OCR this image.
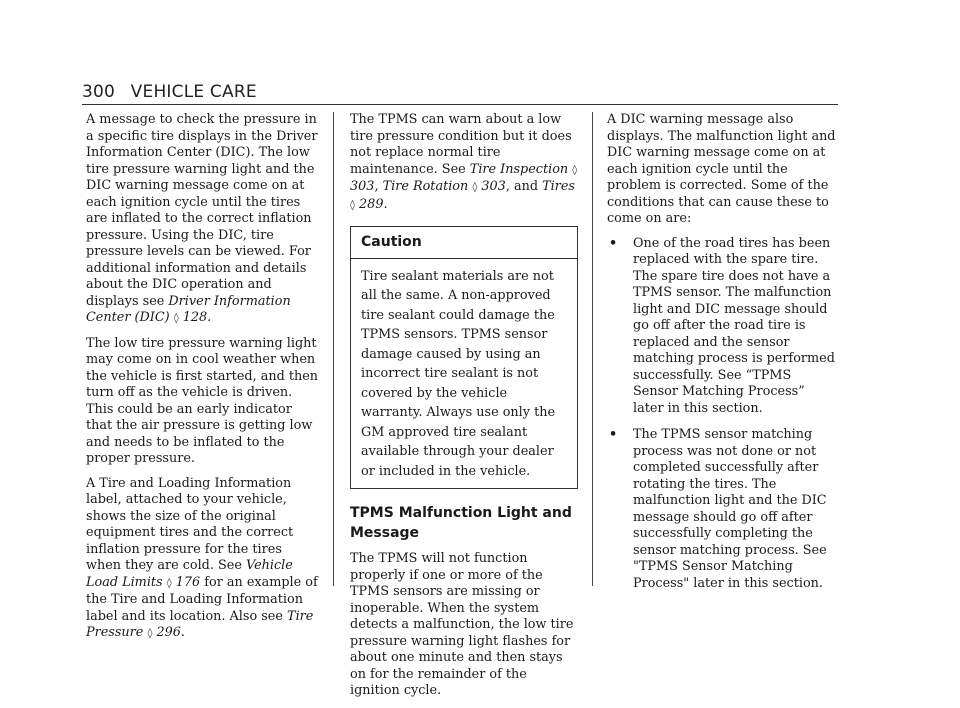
300 VEHICLE CARE

A message to check the pressure in a specific tire displays in the Driver Information Center (DIC). The low tire pressure warning light and the DIC warning message come on at each ignition cycle until the tires are inflated to the correct inflation pressure. Using the DIC, tire pressure levels can be viewed. For additional information and details about the DIC operation and displays see Driver Information Center (DIC) ◊ 128.

The low tire pressure warning light may come on in cool weather when the vehicle is first started, and then turn off as the vehicle is driven. This could be an early indicator that the air pressure is getting low and needs to be inflated to the proper pressure.

A Tire and Loading Information label, attached to your vehicle, shows the size of the original equipment tires and the correct inflation pressure for the tires when they are cold. See Vehicle Load Limits ◊ 176 for an example of the Tire and Loading Information label and its location. Also see Tire Pressure ◊ 296.

The TPMS can warn about a low tire pressure condition but it does not replace normal tire maintenance. See Tire Inspection ◊ 303, Tire Rotation ◊ 303, and Tires ◊ 289.

Caution
Tire sealant materials are not all the same. A non-approved tire sealant could damage the TPMS sensors. TPMS sensor damage caused by using an incorrect tire sealant is not covered by the vehicle warranty. Always use only the GM approved tire sealant available through your dealer or included in the vehicle.
TPMS Malfunction Light and Message

The TPMS will not function properly if one or more of the TPMS sensors are missing or inoperable. When the system detects a malfunction, the low tire pressure warning light flashes for about one minute and then stays on for the remainder of the ignition cycle.

A DIC warning message also displays. The malfunction light and DIC warning message come on at each ignition cycle until the problem is corrected. Some of the conditions that can cause these to come on are:

• One of the road tires has been replaced with the spare tire. The spare tire does not have a TPMS sensor. The malfunction light and DIC message should go off after the road tire is replaced and the sensor matching process is performed successfully. See “TPMS Sensor Matching Process” later in this section.
• The TPMS sensor matching process was not done or not completed successfully after rotating the tires. The malfunction light and the DIC message should go off after successfully completing the sensor matching process. See "TPMS Sensor Matching Process" later in this section.
